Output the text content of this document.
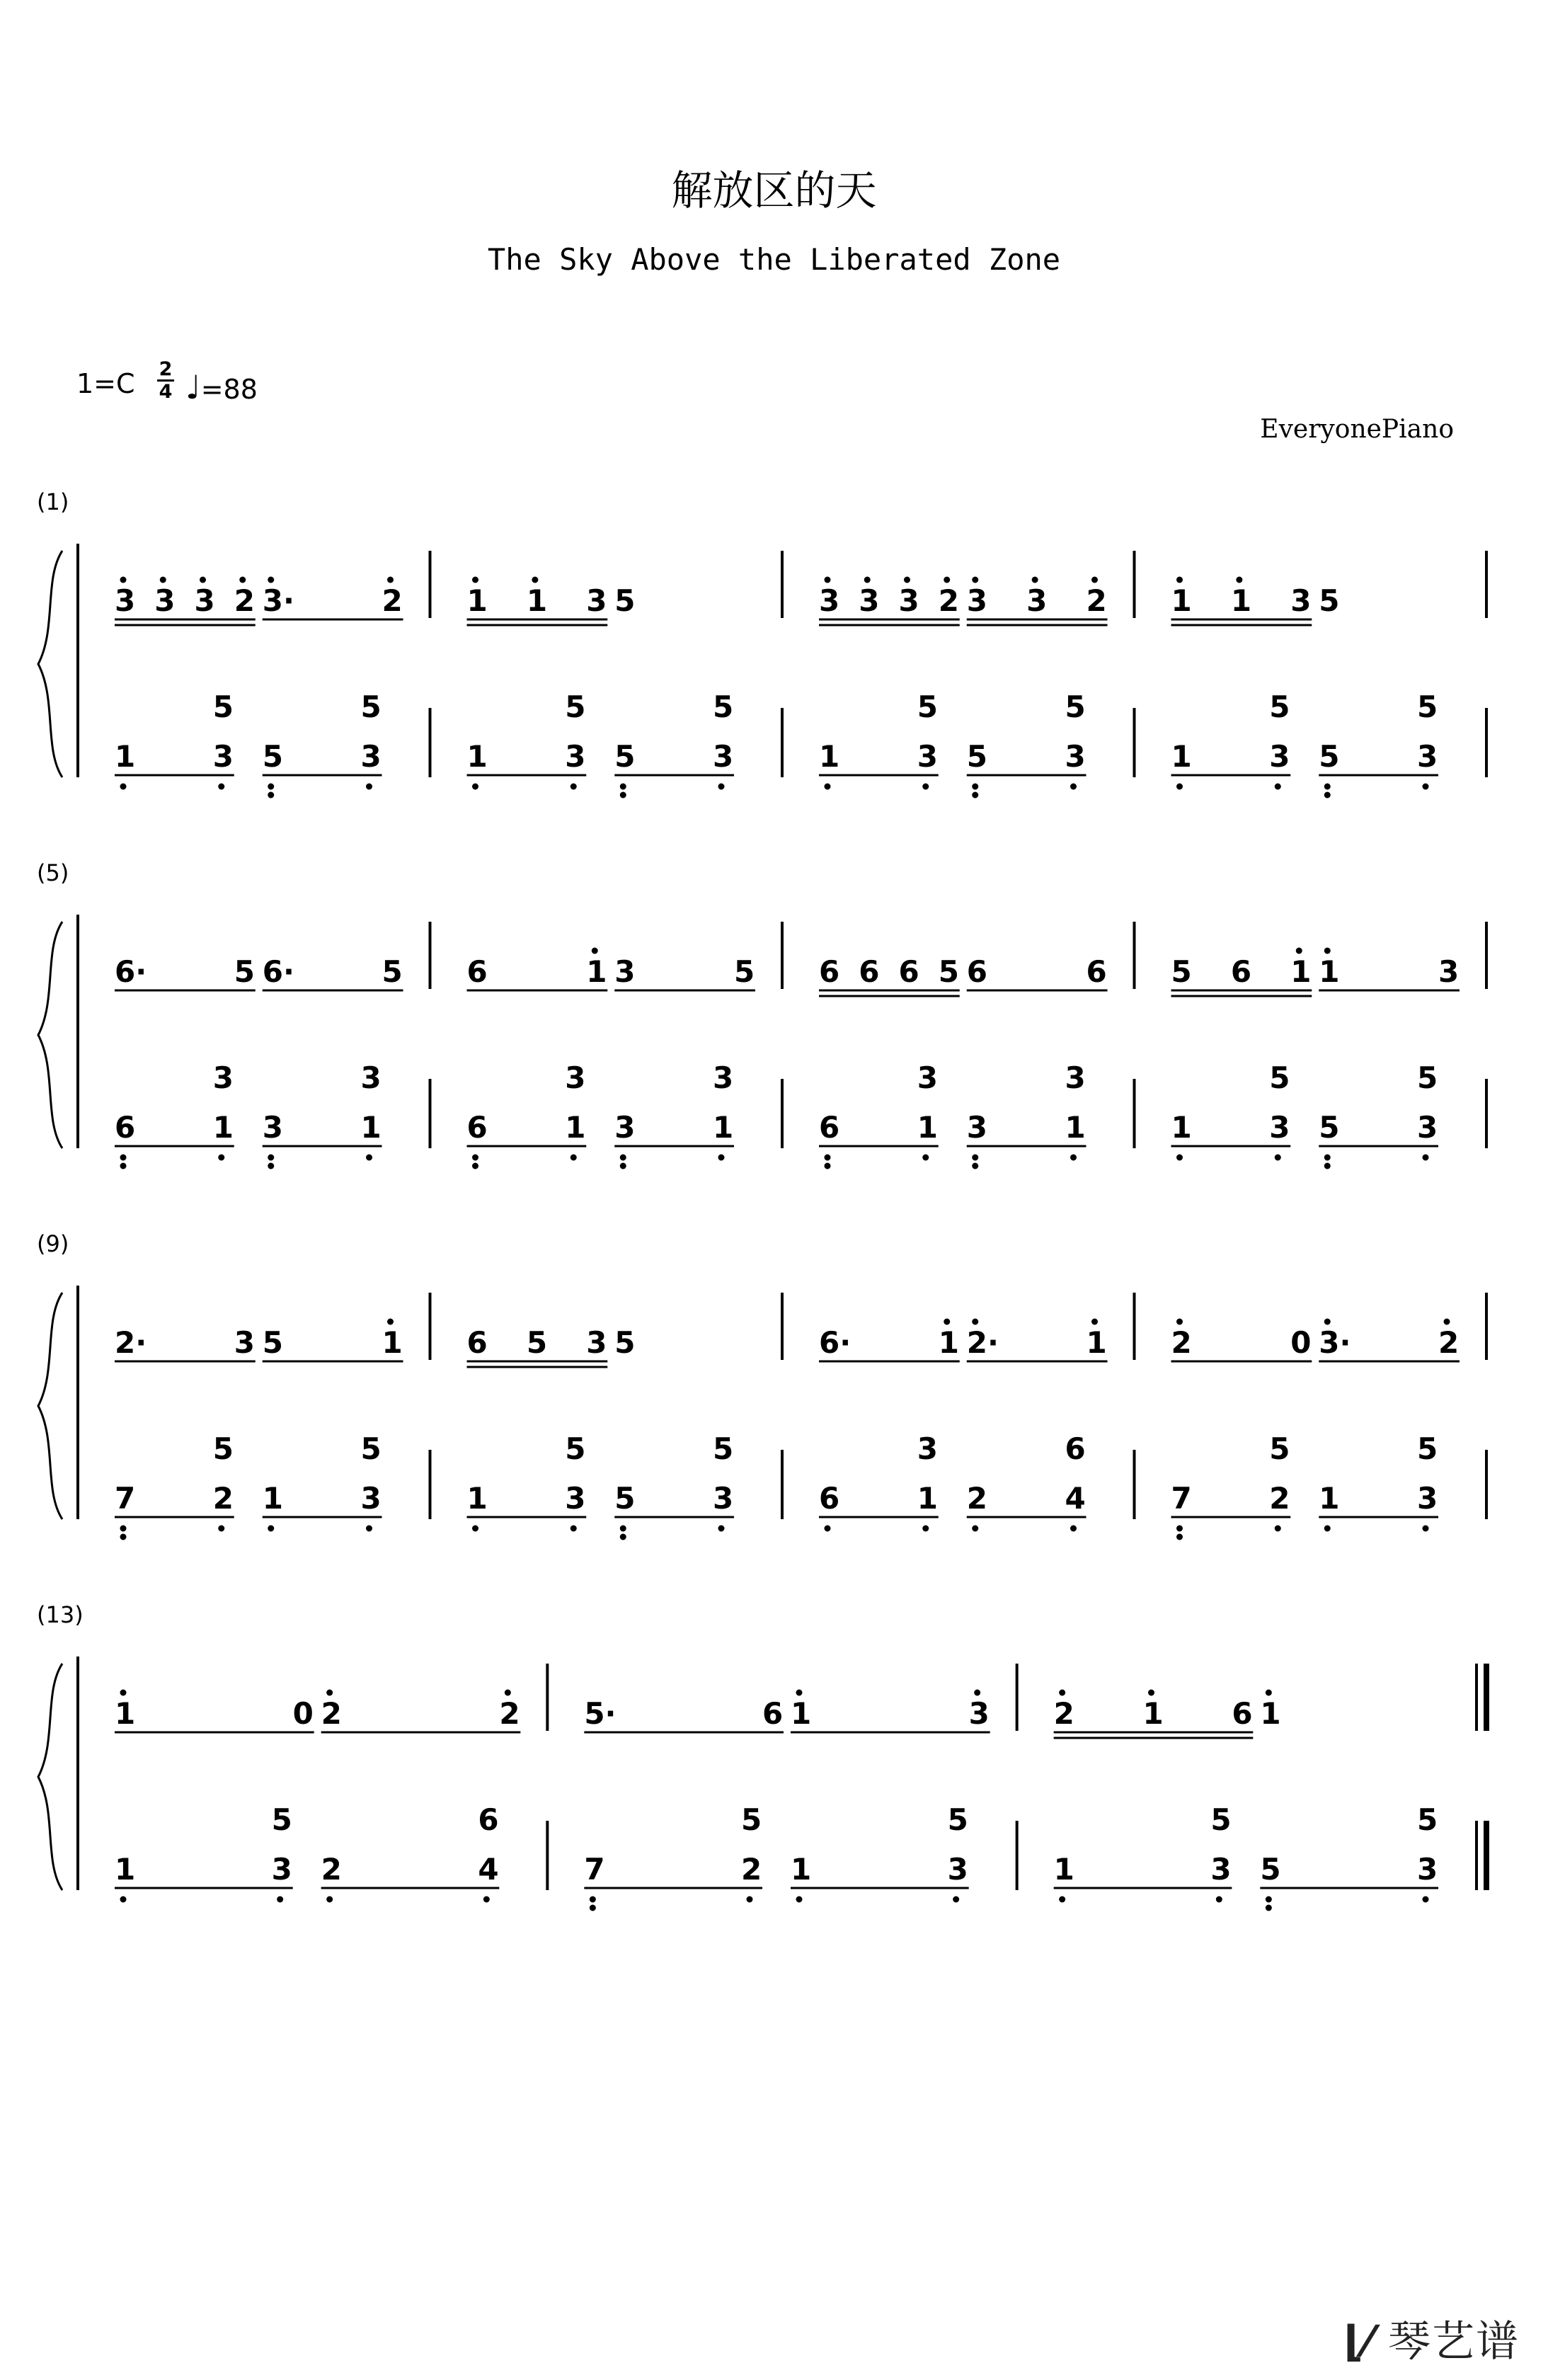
解放区的天
The Sky Above the Liberated Zone
1=C 2
4 ♩=88
EveryonePiano
(1)
3 3 3 2 3·	2 1 1 3 5	3 3 3 2 3 3 2 1 1 3 5
1	3
5
5	3
5
1	3
5
5	3
5
1	3
5
5	3
5
1	3
5
5	3
5
(5)
6·	5 6·	5 6	1 3	5 6 6 6 5 6	6 5 6 1 1	3
6	1
3
3	1
3
6	1
3
3	1
3
6	1
3
3	1
3
1	3
5
5	3
5
(9)
2·	3 5	1 6 5 3 5	6·	1 2·	1 2	0 3·	2
7	2
5
1	3
5
1	3
5
5	3
5
6	1
3
2	4
6
7	2
5
1	3
5
(13)
1	0 2	2 5·	6 1	3 2 1 6 1
1	3
5
2	4
6
7	2
5
1	3
5
1	3
5
5	3
5
⌊⁄ 琴艺谱
